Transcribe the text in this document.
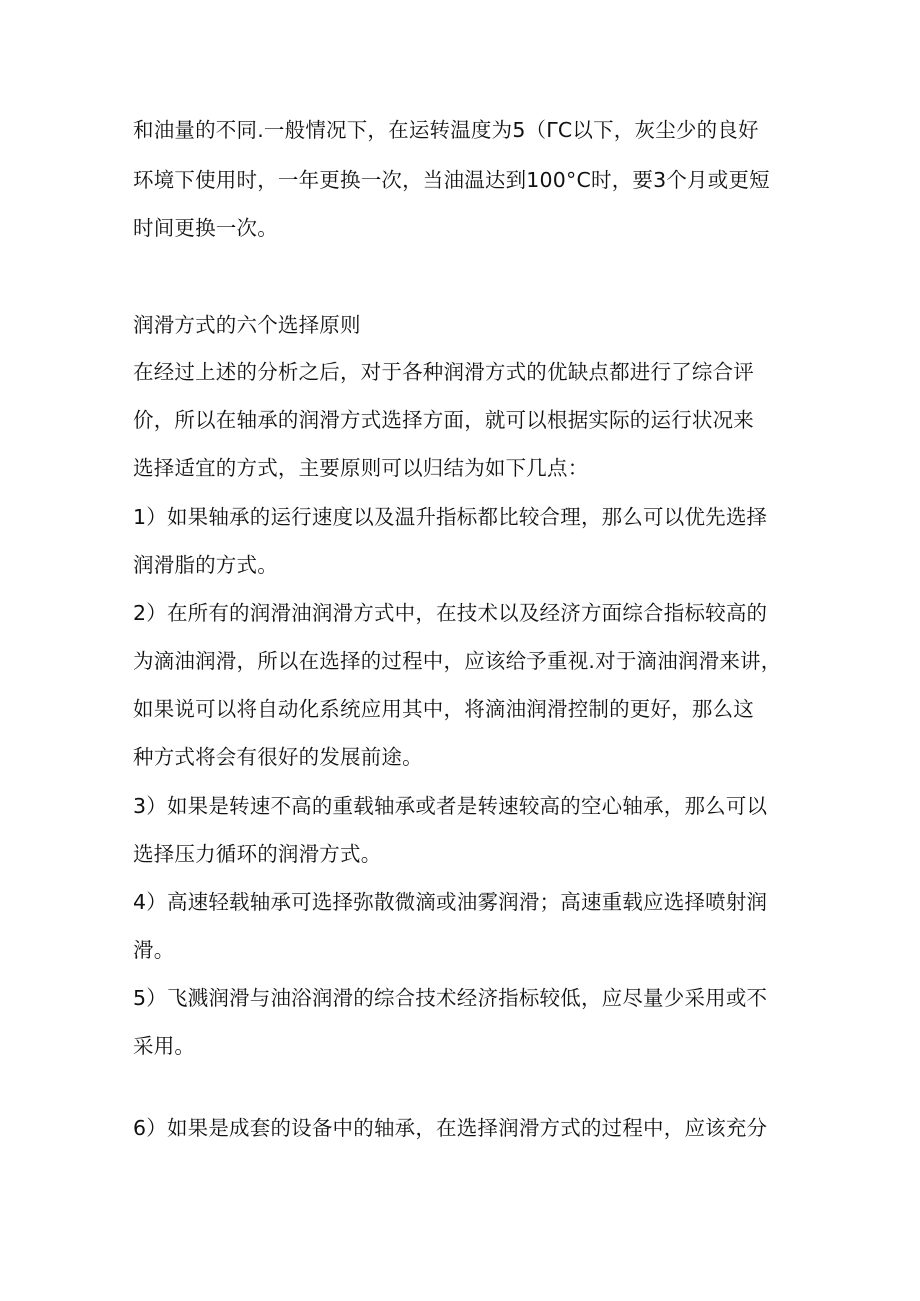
和油量的不同.一般情况下，在运转温度为5（ΓC以下，灰尘少的良好
环境下使用时，一年更换一次，当油温达到100°C时，要3个月或更短
时间更换一次。
润滑方式的六个选择原则
在经过上述的分析之后，对于各种润滑方式的优缺点都进行了综合评
价，所以在轴承的润滑方式选择方面，就可以根据实际的运行状况来
选择适宜的方式，主要原则可以归结为如下几点：
1）如果轴承的运行速度以及温升指标都比较合理，那么可以优先选择
润滑脂的方式。
2）在所有的润滑油润滑方式中，在技术以及经济方面综合指标较高的
为滴油润滑，所以在选择的过程中，应该给予重视.对于滴油润滑来讲，
如果说可以将自动化系统应用其中，将滴油润滑控制的更好，那么这
种方式将会有很好的发展前途。
3）如果是转速不高的重载轴承或者是转速较高的空心轴承，那么可以
选择压力循环的润滑方式。
4）高速轻载轴承可选择弥散微滴或油雾润滑；高速重载应选择喷射润
滑。
5）飞溅润滑与油浴润滑的综合技术经济指标较低，应尽量少采用或不
采用。
6）如果是成套的设备中的轴承，在选择润滑方式的过程中，应该充分
